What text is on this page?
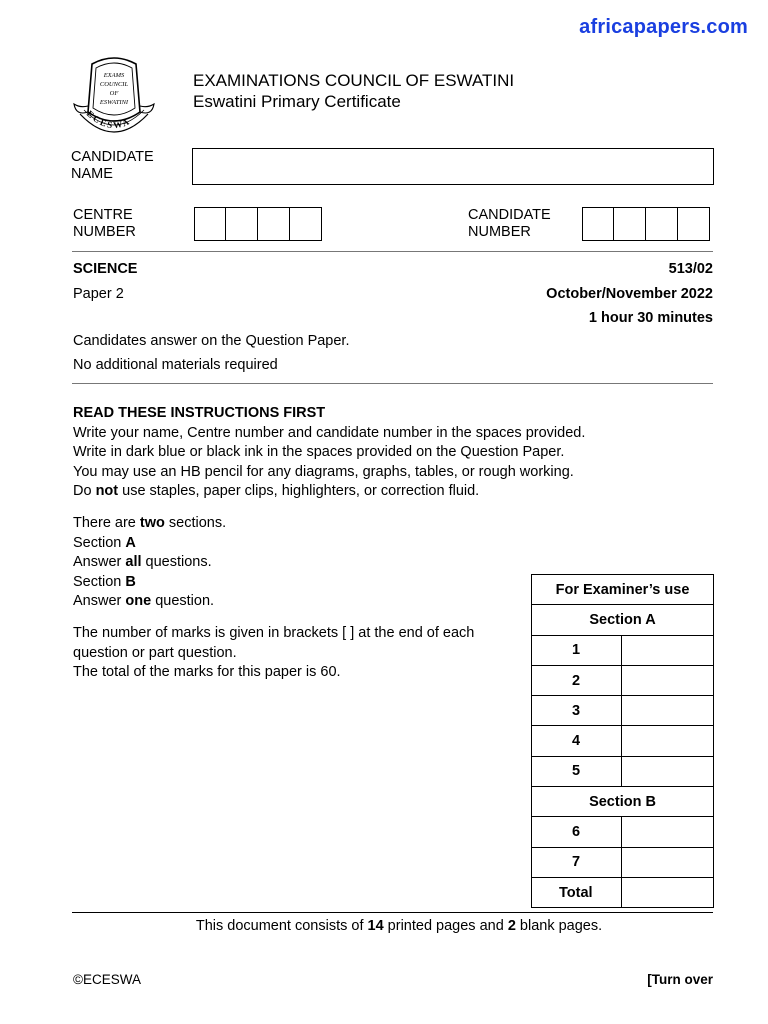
africapapers.com
ECESWA
EXAMS
COUNCIL
OF
ESWATINI
EXAMINATIONS COUNCIL OF ESWATINI
Eswatini Primary Certificate
CANDIDATE
NAME
CENTRE
NUMBER
CANDIDATE
NUMBER
SCIENCE	513/02
Paper 2	October/November 2022
1 hour 30 minutes
Candidates answer on the Question Paper.
No additional materials required
READ THESE INSTRUCTIONS FIRST
Write your name, Centre number and candidate number in the spaces provided.
Write in dark blue or black ink in the spaces provided on the Question Paper.
You may use an HB pencil for any diagrams, graphs, tables, or rough working.
Do not use staples, paper clips, highlighters, or correction fluid.
There are two sections.
Section A
Answer all questions.
Section B
Answer one question.
The number of marks is given in brackets [ ] at the end of each
question or part question.
The total of the marks for this paper is 60.
For Examiner’s use	
Section A	
1	
2	
3	
4	
5	
Section B	
6	
7	
Total	
This document consists of 14 printed pages and 2 blank pages.
©ECESWA	[Turn over
